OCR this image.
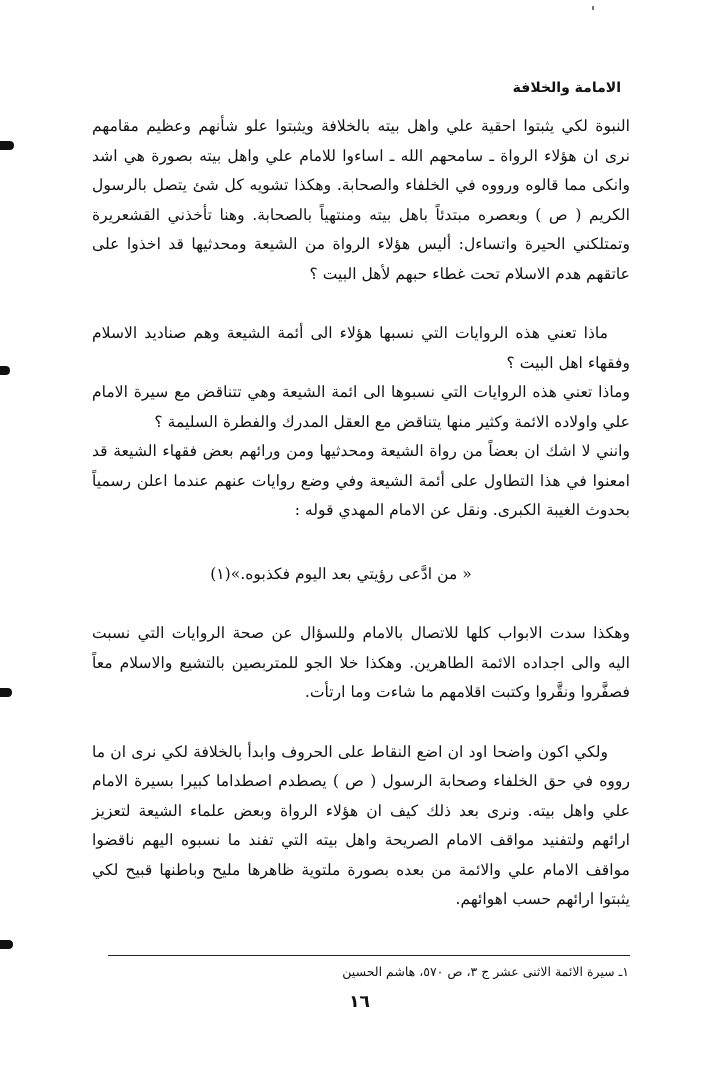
الامامة والخلافة

النبوة لكي يثبتوا احقية علي واهل بيته بالخلافة ويثبتوا علو شأنهم وعظيم مقامهم نرى ان هؤلاء الرواة ـ سامحهم الله ـ اساءوا للامام علي واهل بيته بصورة هي اشد وانكى مما قالوه ورووه في الخلفاء والصحابة. وهكذا تشويه كل شئ يتصل بالرسول الكريم ( ص ) وبعصره مبتدئاً باهل بيته ومنتهياً بالصحابة. وهنا تأخذني القشعريرة وتمتلكني الحيرة واتساءل: أليس هؤلاء الرواة من الشيعة ومحدثيها قد اخذوا على عاتقهم هدم الاسلام تحت غطاء حبهم لأهل البيت ؟

ماذا تعني هذه الروايات التي نسبها هؤلاء الى أئمة الشيعة وهم صناديد الاسلام وفقهاء اهل البيت ؟

وماذا تعني هذه الروايات التي نسبوها الى ائمة الشيعة وهي تتناقض مع سيرة الامام علي واولاده الائمة وكثير منها يتناقض مع العقل المدرك والفطرة السليمة ؟

وانني لا اشك ان بعضاً من رواة الشيعة ومحدثيها ومن ورائهم بعض فقهاء الشيعة قد امعنوا في هذا التطاول على أئمة الشيعة وفي وضع روايات عنهم عندما اعلن رسمياً بحدوث الغيبة الكبرى. ونقل عن الامام المهدي قوله :

« من ادَّعى رؤيتي بعد اليوم فكذبوه.»(١)

وهكذا سدت الابواب كلها للاتصال بالامام وللسؤال عن صحة الروايات التي نسبت اليه والى اجداده الائمة الطاهرين. وهكذا خلا الجو للمتربصين بالتشيع والاسلام معاً فصفَّروا ونقَّروا وكتبت اقلامهم ما شاءت وما ارتأت.

ولكي اكون واضحا اود ان اضع النقاط على الحروف وابدأ بالخلافة لكي نرى ان ما رووه في حق الخلفاء وصحابة الرسول ( ص ) يصطدم اصطداما كبيرا بسيرة الامام علي واهل بيته. ونرى بعد ذلك كيف ان هؤلاء الرواة وبعض علماء الشيعة لتعزيز ارائهم ولتفنيد مواقف الامام الصريحة واهل بيته التي تفند ما نسبوه اليهم ناقضوا مواقف الامام علي والائمة من بعده بصورة ملتوية ظاهرها مليح وباطنها قبيح لكي يثبتوا ارائهم حسب اهوائهم.

١ـ سيرة الائمة الاثنى عشر ج ٣، ص ٥٧٠، هاشم الحسين
١٦
